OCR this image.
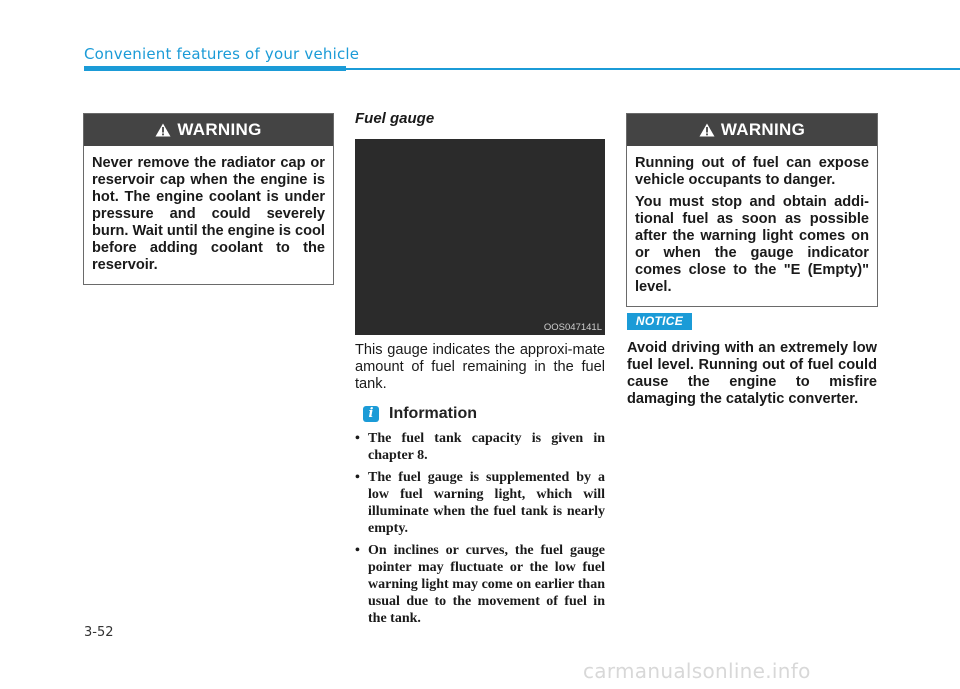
Convenient features of your vehicle
WARNING

Never remove the radiator cap or reservoir cap when the engine is hot. The engine coolant is under pressure and could severely burn. Wait until the engine is cool before adding coolant to the reservoir.

Fuel gauge
OOS047141L
This gauge indicates the approxi-mate amount of fuel remaining in the fuel tank.
i Information
• The fuel tank capacity is given in chapter 8.
• The fuel gauge is supplemented by a low fuel warning light, which will illuminate when the fuel tank is nearly empty.
• On inclines or curves, the fuel gauge pointer may fluctuate or the low fuel warning light may come on earlier than usual due to the movement of fuel in the tank.
WARNING

Running out of fuel can expose vehicle occupants to danger.

You must stop and obtain addi-tional fuel as soon as possible after the warning light comes on or when the gauge indicator comes close to the "E (Empty)" level.

NOTICE
Avoid driving with an extremely low fuel level. Running out of fuel could cause the engine to misfire damaging the catalytic converter.
3-52
carmanualsonline.info
